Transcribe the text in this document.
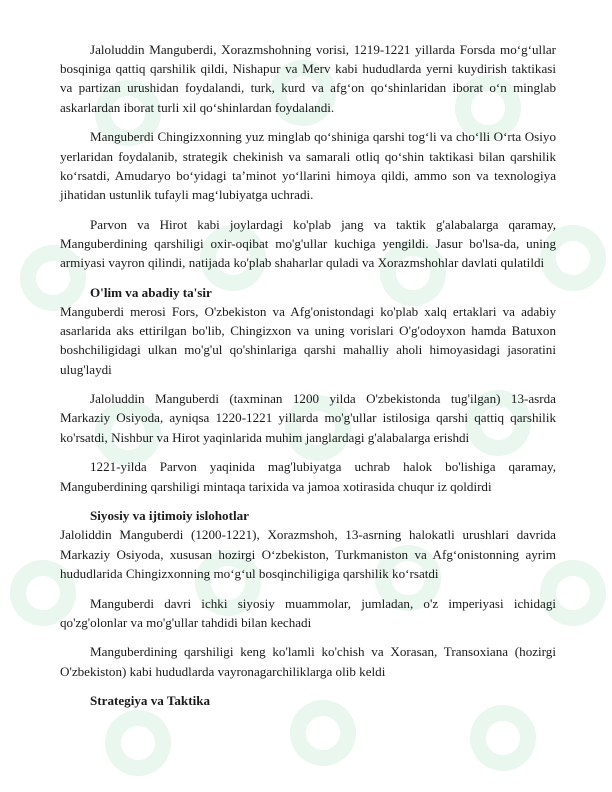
Jaloluddin Manguberdi, Xorazmshohning vorisi, 1219-1221 yillarda Forsda mo‘g‘ullar bosqiniga qattiq qarshilik qildi, Nishapur va Merv kabi hududlarda yerni kuydirish taktikasi va partizan urushidan foydalandi, turk, kurd va afg‘on qo‘shinlaridan iborat o‘n minglab askarlardan iborat turli xil qo‘shinlardan foydalandi.

Manguberdi Chingizxonning yuz minglab qo‘shiniga qarshi tog‘li va cho‘lli O‘rta Osiyo yerlaridan foydalanib, strategik chekinish va samarali otliq qo‘shin taktikasi bilan qarshilik ko‘rsatdi, Amudaryo bo‘yidagi ta’minot yo‘llarini himoya qildi, ammo son va texnologiya jihatidan ustunlik tufayli mag‘lubiyatga uchradi.

Parvon va Hirot kabi joylardagi ko'plab jang va taktik g'alabalarga qaramay, Manguberdining qarshiligi oxir-oqibat mo'g'ullar kuchiga yengildi. Jasur bo'lsa-da, uning armiyasi vayron qilindi, natijada ko'plab shaharlar quladi va Xorazmshohlar davlati qulatildi

O'lim va abadiy ta'sir

Manguberdi merosi Fors, O'zbekiston va Afg'onistondagi ko'plab xalq ertaklari va adabiy asarlarida aks ettirilgan bo'lib, Chingizxon va uning vorislari O'g'odoyxon hamda Batuxon boshchiligidagi ulkan mo'g'ul qo'shinlariga qarshi mahalliy aholi himoyasidagi jasoratini ulug'laydi

Jaloluddin Manguberdi (taxminan 1200 yilda O'zbekistonda tug'ilgan) 13-asrda Markaziy Osiyoda, ayniqsa 1220-1221 yillarda mo'g'ullar istilosiga qarshi qattiq qarshilik ko'rsatdi, Nishbur va Hirot yaqinlarida muhim janglardagi g'alabalarga erishdi

1221-yilda Parvon yaqinida mag'lubiyatga uchrab halok bo'lishiga qaramay, Manguberdining qarshiligi mintaqa tarixida va jamoa xotirasida chuqur iz qoldirdi

Siyosiy va ijtimoiy islohotlar

Jaloliddin Manguberdi (1200-1221), Xorazmshoh, 13-asrning halokatli urushlari davrida Markaziy Osiyoda, xususan hozirgi O‘zbekiston, Turkmaniston va Afg‘onistonning ayrim hududlarida Chingizxonning mo‘g‘ul bosqinchiligiga qarshilik ko‘rsatdi

Manguberdi davri ichki siyosiy muammolar, jumladan, o'z imperiyasi ichidagi qo'zg'olonlar va mo'g'ullar tahdidi bilan kechadi

Manguberdining qarshiligi keng ko'lamli ko'chish va Xorasan, Transoxiana (hozirgi O'zbekiston) kabi hududlarda vayronagarchiliklarga olib keldi

Strategiya va Taktika
